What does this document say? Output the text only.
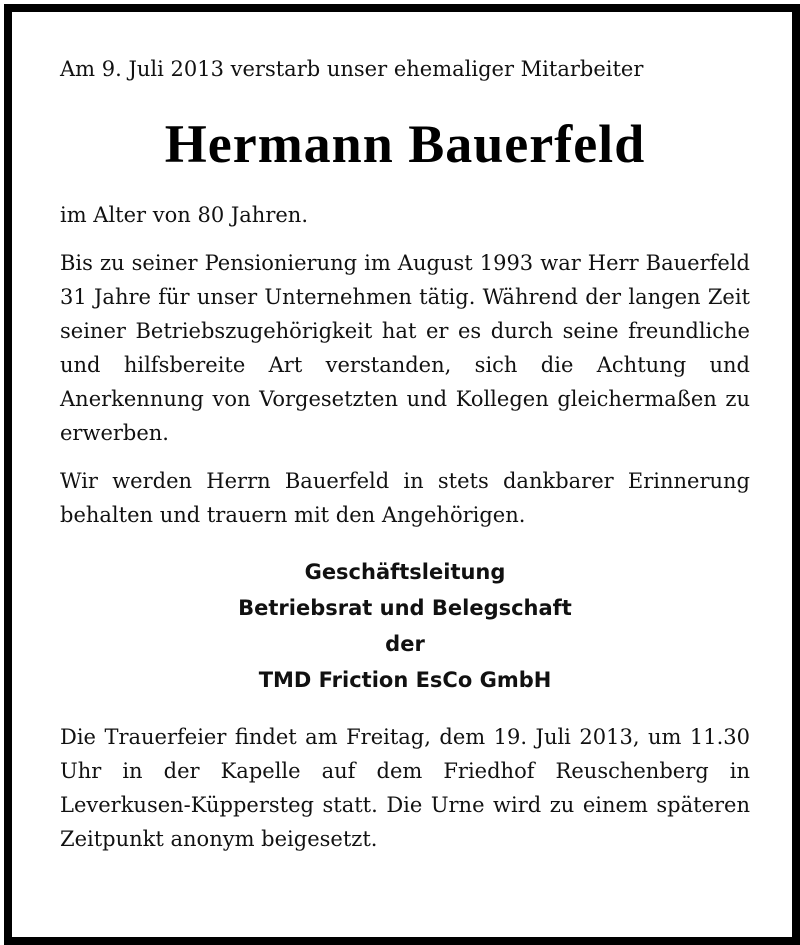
Am 9. Juli 2013 verstarb unser ehemaliger Mitarbeiter

Hermann Bauerfeld

im Alter von 80 Jahren.

Bis zu seiner Pensionierung im August 1993 war Herr Bauerfeld 31 Jahre für unser Unternehmen tätig. Während der langen Zeit seiner Betriebszugehörigkeit hat er es durch seine freundliche und hilfsbereite Art verstanden, sich die Achtung und Anerkennung von Vorgesetzten und Kollegen gleichermaßen zu erwerben.

Wir werden Herrn Bauerfeld in stets dankbarer Erinnerung behalten und trauern mit den Angehörigen.

Geschäftsleitung
Betriebsrat und Belegschaft
der
TMD Friction EsCo GmbH

Die Trauerfeier findet am Freitag, dem 19. Juli 2013, um 11.30 Uhr in der Kapelle auf dem Friedhof Reuschenberg in Leverkusen-Küppersteg statt. Die Urne wird zu einem späteren Zeitpunkt anonym beigesetzt.
